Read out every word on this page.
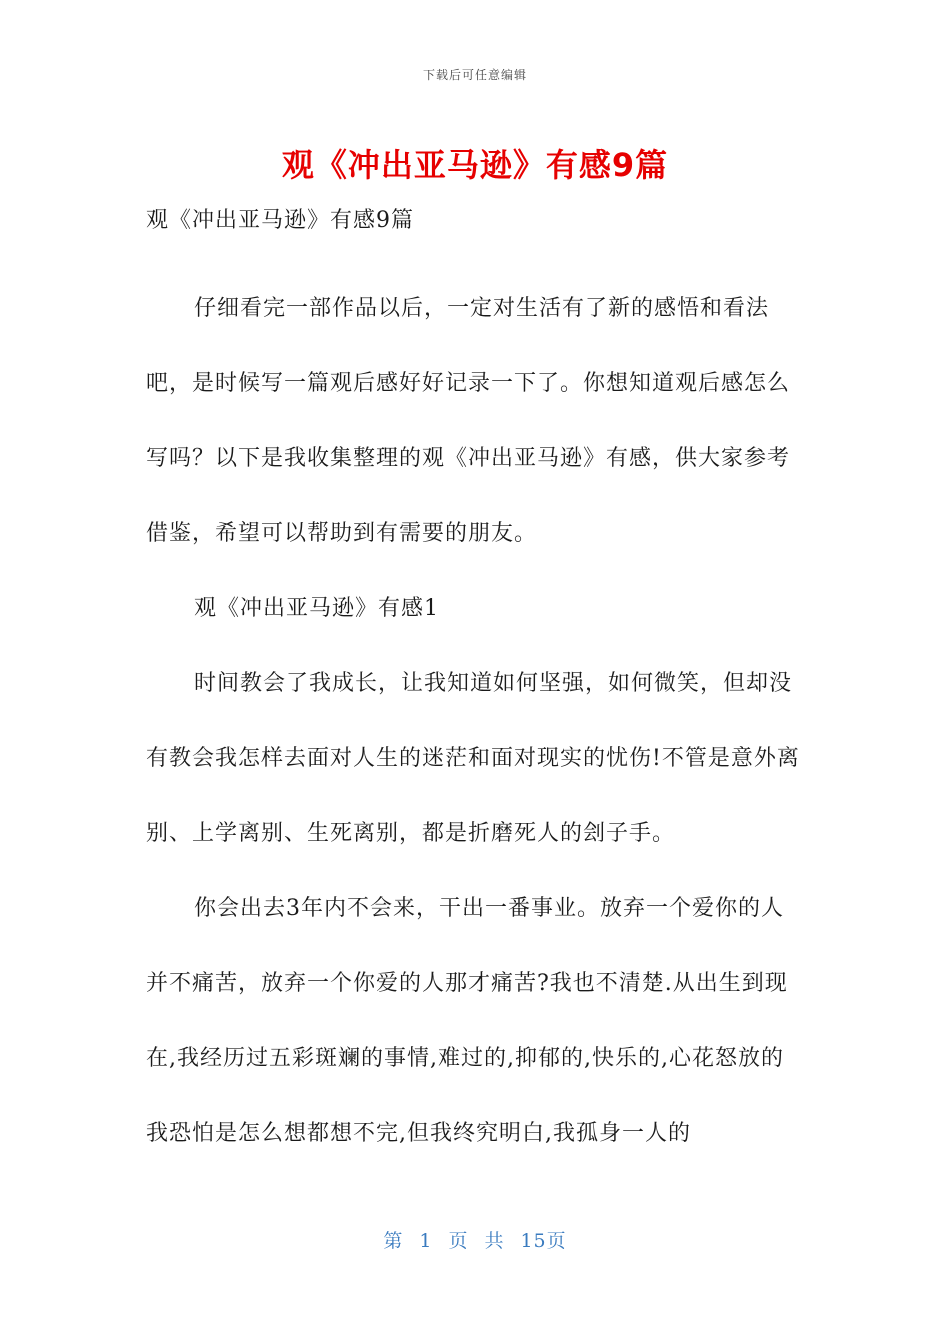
下载后可任意编辑
观《冲出亚马逊》有感9篇

观《冲出亚马逊》有感9篇

仔细看完一部作品以后，一定对生活有了新的感悟和看法吧，是时候写一篇观后感好好记录一下了。你想知道观后感怎么写吗？以下是我收集整理的观《冲出亚马逊》有感，供大家参考借鉴，希望可以帮助到有需要的朋友。

观《冲出亚马逊》有感1

时间教会了我成长，让我知道如何坚强，如何微笑，但却没有教会我怎样去面对人生的迷茫和面对现实的忧伤!不管是意外离别、上学离别、生死离别，都是折磨死人的刽子手。

你会出去3年内不会来，干出一番事业。放弃一个爱你的人并不痛苦，放弃一个你爱的人那才痛苦?我也不清楚.从出生到现在,我经历过五彩斑斓的事情,难过的,抑郁的,快乐的,心花怒放的我恐怕是怎么想都想不完,但我终究明白,我孤身一人的

第 1 页 共 15页
